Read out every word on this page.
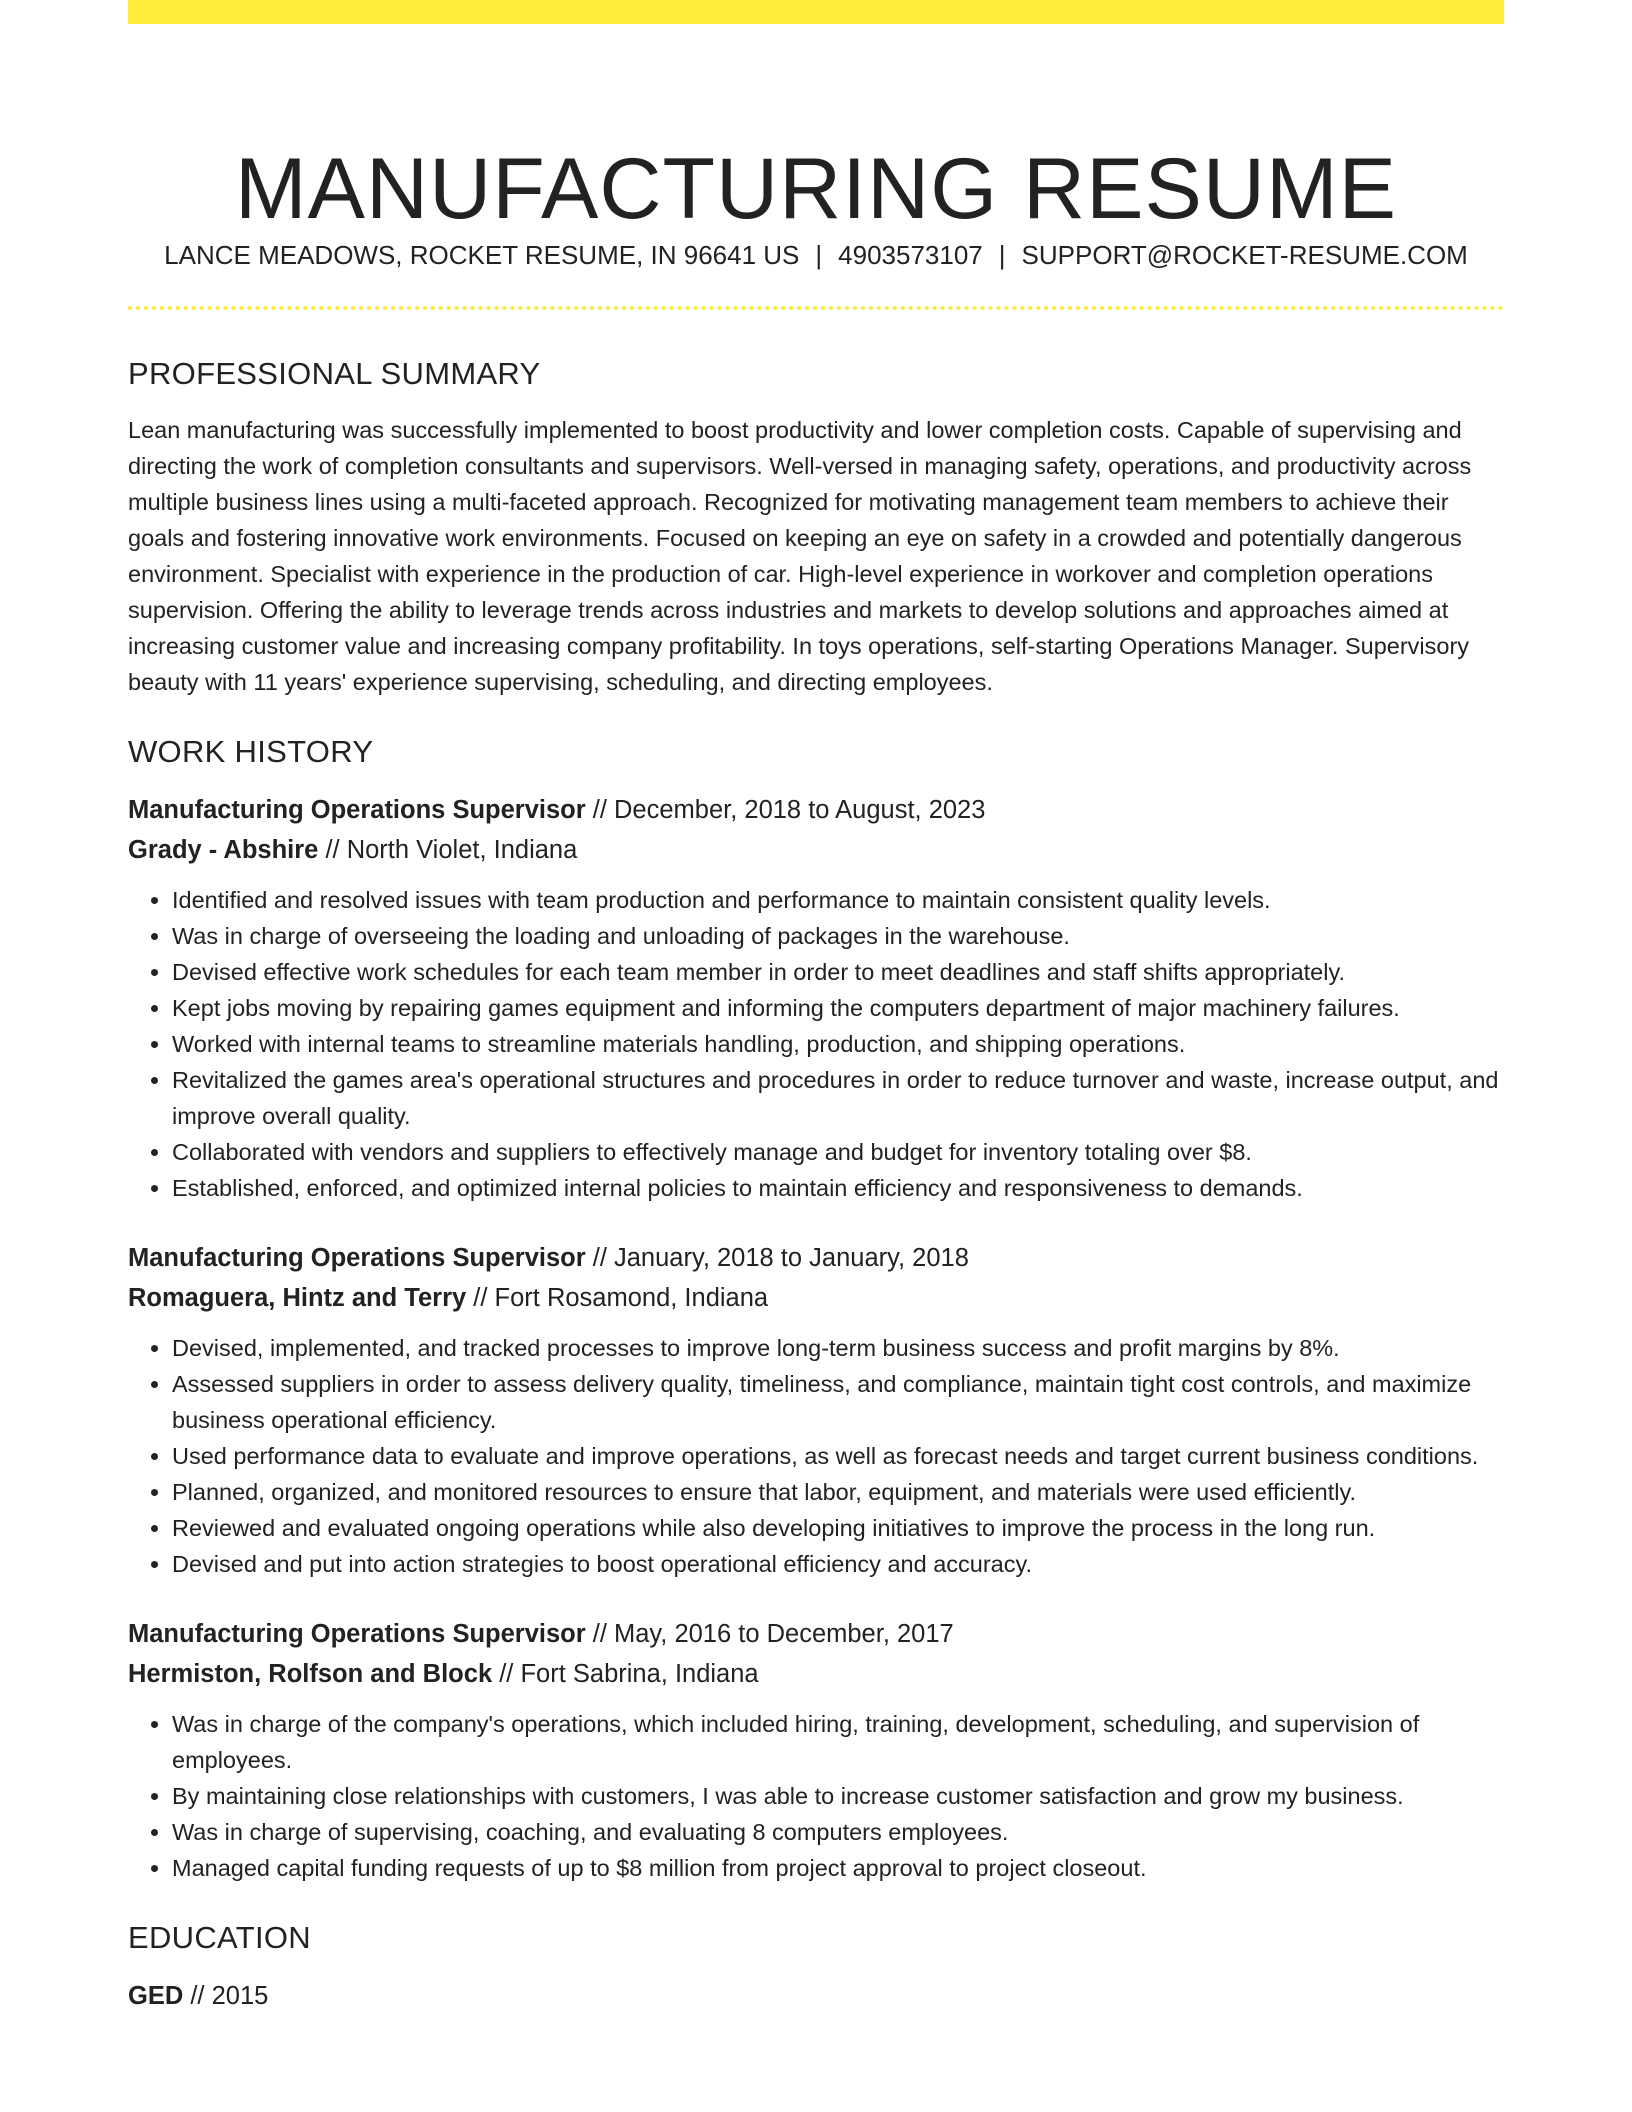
MANUFACTURING RESUME
LANCE MEADOWS, ROCKET RESUME, IN 96641 US | 4903573107 | SUPPORT@ROCKET-RESUME.COM
PROFESSIONAL SUMMARY

Lean manufacturing was successfully implemented to boost productivity and lower completion costs. Capable of supervising and directing the work of completion consultants and supervisors. Well-versed in managing safety, operations, and productivity across multiple business lines using a multi-faceted approach. Recognized for motivating management team members to achieve their goals and fostering innovative work environments. Focused on keeping an eye on safety in a crowded and potentially dangerous environment. Specialist with experience in the production of car. High-level experience in workover and completion operations supervision. Offering the ability to leverage trends across industries and markets to develop solutions and approaches aimed at increasing customer value and increasing company profitability. In toys operations, self-starting Operations Manager. Supervisory beauty with 11 years' experience supervising, scheduling, and directing employees.

WORK HISTORY

Manufacturing Operations Supervisor // December, 2018 to August, 2023

Grady - Abshire // North Violet, Indiana

• Identified and resolved issues with team production and performance to maintain consistent quality levels.
• Was in charge of overseeing the loading and unloading of packages in the warehouse.
• Devised effective work schedules for each team member in order to meet deadlines and staff shifts appropriately.
• Kept jobs moving by repairing games equipment and informing the computers department of major machinery failures.
• Worked with internal teams to streamline materials handling, production, and shipping operations.
• Revitalized the games area's operational structures and procedures in order to reduce turnover and waste, increase output, and improve overall quality.
• Collaborated with vendors and suppliers to effectively manage and budget for inventory totaling over $8.
• Established, enforced, and optimized internal policies to maintain efficiency and responsiveness to demands.

Manufacturing Operations Supervisor // January, 2018 to January, 2018

Romaguera, Hintz and Terry // Fort Rosamond, Indiana

• Devised, implemented, and tracked processes to improve long-term business success and profit margins by 8%.
• Assessed suppliers in order to assess delivery quality, timeliness, and compliance, maintain tight cost controls, and maximize business operational efficiency.
• Used performance data to evaluate and improve operations, as well as forecast needs and target current business conditions.
• Planned, organized, and monitored resources to ensure that labor, equipment, and materials were used efficiently.
• Reviewed and evaluated ongoing operations while also developing initiatives to improve the process in the long run.
• Devised and put into action strategies to boost operational efficiency and accuracy.

Manufacturing Operations Supervisor // May, 2016 to December, 2017

Hermiston, Rolfson and Block // Fort Sabrina, Indiana

• Was in charge of the company's operations, which included hiring, training, development, scheduling, and supervision of employees.
• By maintaining close relationships with customers, I was able to increase customer satisfaction and grow my business.
• Was in charge of supervising, coaching, and evaluating 8 computers employees.
• Managed capital funding requests of up to $8 million from project approval to project closeout.
EDUCATION

GED // 2015
